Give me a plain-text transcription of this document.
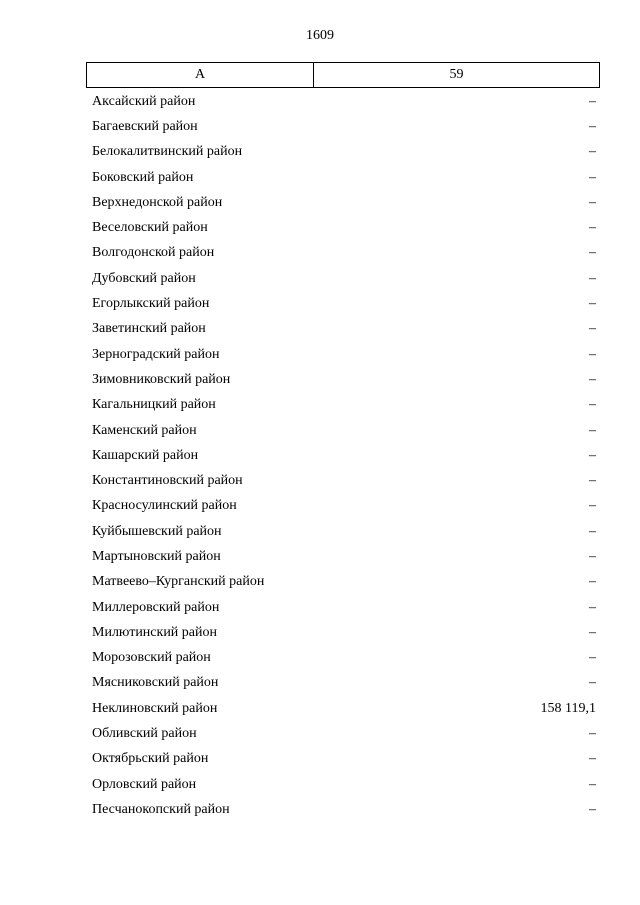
1609
А	59
Аксайский район	–
Багаевский район	–
Белокалитвинский район	–
Боковский район	–
Верхнедонской район	–
Веселовский район	–
Волгодонской район	–
Дубовский район	–
Егорлыкский район	–
Заветинский район	–
Зерноградский район	–
Зимовниковский район	–
Кагальницкий район	–
Каменский район	–
Кашарский район	–
Константиновский район	–
Красносулинский район	–
Куйбышевский район	–
Мартыновский район	–
Матвеево–Курганский район	–
Миллеровский район	–
Милютинский район	–
Морозовский район	–
Мясниковский район	–
Неклиновский район	158 119,1
Обливский район	–
Октябрьский район	–
Орловский район	–
Песчанокопский район	–
